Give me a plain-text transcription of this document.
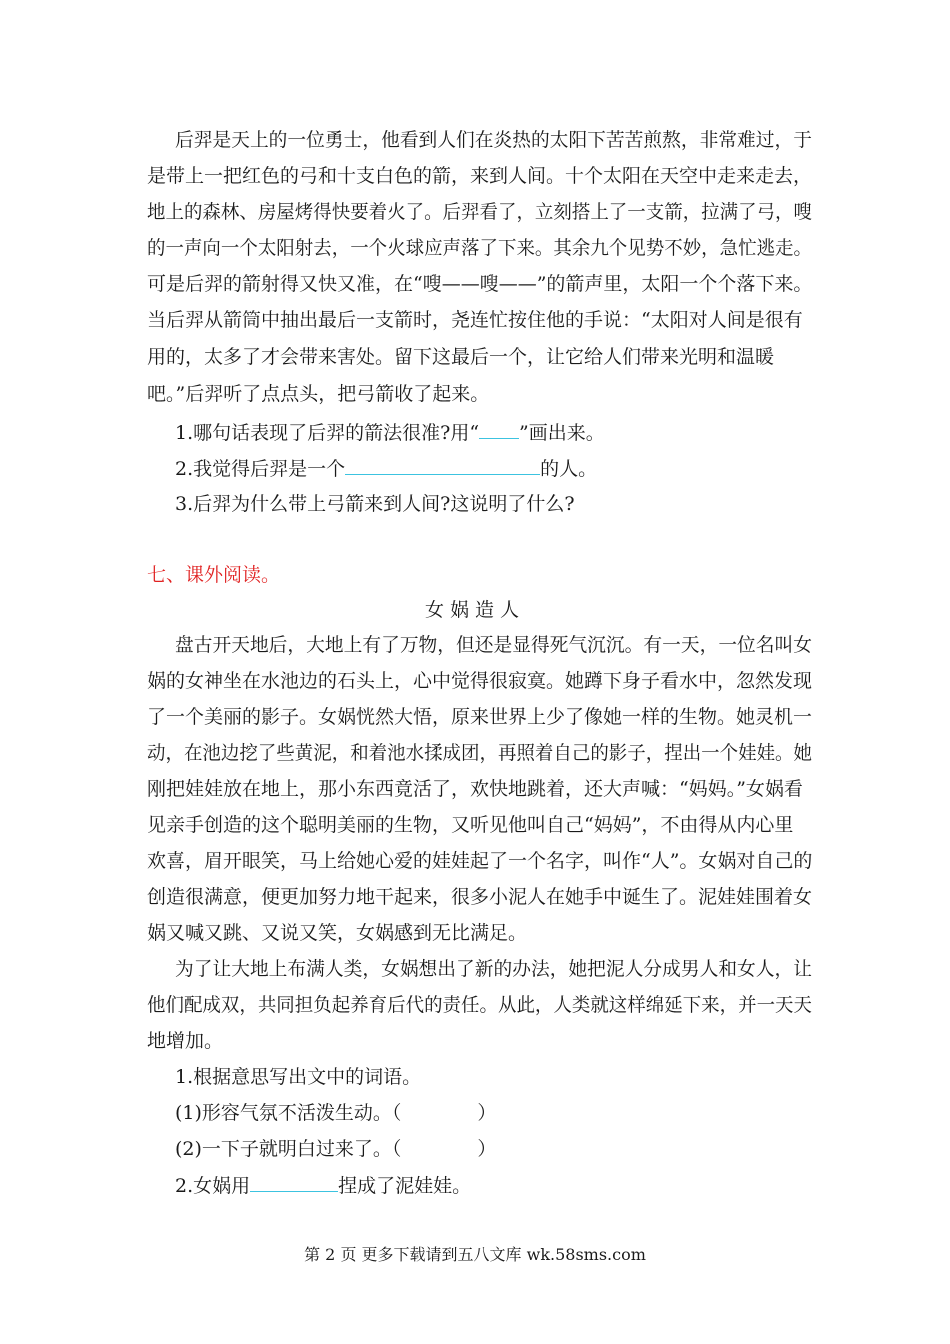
后羿是天上的一位勇士，他看到人们在炎热的太阳下苦苦煎熬，非常难过，于
是带上一把红色的弓和十支白色的箭，来到人间。十个太阳在天空中走来走去，
地上的森林、房屋烤得快要着火了。后羿看了，立刻搭上了一支箭，拉满了弓，嗖
的一声向一个太阳射去，一个火球应声落了下来。其余九个见势不妙，急忙逃走。
可是后羿的箭射得又快又准，在“嗖——嗖——”的箭声里，太阳一个个落下来。
当后羿从箭筒中抽出最后一支箭时，尧连忙按住他的手说：“太阳对人间是很有
用的，太多了才会带来害处。留下这最后一个，让它给人们带来光明和温暖
吧。”后羿听了点点头，把弓箭收了起来。
1.哪句话表现了后羿的箭法很准?用“ ”画出来。
2.我觉得后羿是一个	的人。
3.后羿为什么带上弓箭来到人间?这说明了什么?
七、课外阅读。
女娲造人
盘古开天地后，大地上有了万物，但还是显得死气沉沉。有一天，一位名叫女
娲的女神坐在水池边的石头上，心中觉得很寂寞。她蹲下身子看水中，忽然发现
了一个美丽的影子。女娲恍然大悟，原来世界上少了像她一样的生物。她灵机一
动，在池边挖了些黄泥，和着池水揉成团，再照着自己的影子，捏出一个娃娃。她
刚把娃娃放在地上，那小东西竟活了，欢快地跳着，还大声喊：“妈妈。”女娲看
见亲手创造的这个聪明美丽的生物，又听见他叫自己“妈妈”，不由得从内心里
欢喜，眉开眼笑，马上给她心爱的娃娃起了一个名字，叫作“人”。女娲对自己的
创造很满意，便更加努力地干起来，很多小泥人在她手中诞生了。泥娃娃围着女
娲又喊又跳、又说又笑，女娲感到无比满足。
为了让大地上布满人类，女娲想出了新的办法，她把泥人分成男人和女人，让
他们配成双，共同担负起养育后代的责任。从此，人类就这样绵延下来，并一天天
地增加。
1.根据意思写出文中的词语。
(1)形容气氛不活泼生动。（	）
(2)一下子就明白过来了。（	）
2.女娲用	捏成了泥娃娃。
第 2 页 更多下载请到五八文库 wk.58sms.com
